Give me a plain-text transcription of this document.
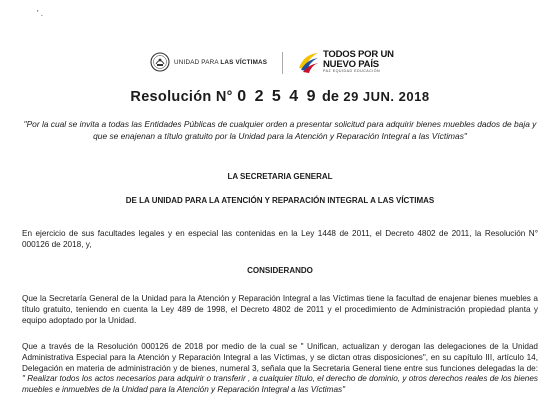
' .
UNIDAD PARA LAS VÍCTIMAS
TODOS POR UN
NUEVO PAÍS
PAZ EQUIDAD EDUCACIÓN
Resolución N° 0 2 5 4 9 de 29 JUN. 2018
"Por la cual se invita a todas las Entidades Públicas de cualquier orden a presentar solicitud para adquirir bienes muebles dados de baja y que se enajenan a título gratuito por la Unidad para la Atención y Reparación Integral a las Víctimas"
LA SECRETARIA GENERAL
DE LA UNIDAD PARA LA ATENCIÓN Y REPARACIÓN INTEGRAL A LAS VÍCTIMAS
En ejercicio de sus facultades legales y en especial las contenidas en la Ley 1448 de 2011, el Decreto 4802 de 2011, la Resolución N° 000126 de 2018, y,
CONSIDERANDO
Que la Secretaría General de la Unidad para la Atención y Reparación Integral a las Víctimas tiene la facultad de enajenar bienes muebles a título gratuito, teniendo en cuenta la Ley 489 de 1998, el Decreto 4802 de 2011 y el procedimiento de Administración propiedad planta y equipo adoptado por la Unidad.
Que a través de la Resolución 000126 de 2018 por medio de la cual se " Unifican, actualizan y derogan las delegaciones de la Unidad Administrativa Especial para la Atención y Reparación Integral a las Víctimas, y se dictan otras disposiciones", en su capítulo III, artículo 14, Delegación en materia de administración y de bienes, numeral 3, señala que la Secretaria General tiene entre sus funciones delegadas la de: " Realizar todos los actos necesarios para adquirir o transferir , a cualquier título, el derecho de dominio, y otros derechos reales de los bienes muebles e inmuebles de la Unidad para la Atención y Reparación Integral a las Víctimas"
